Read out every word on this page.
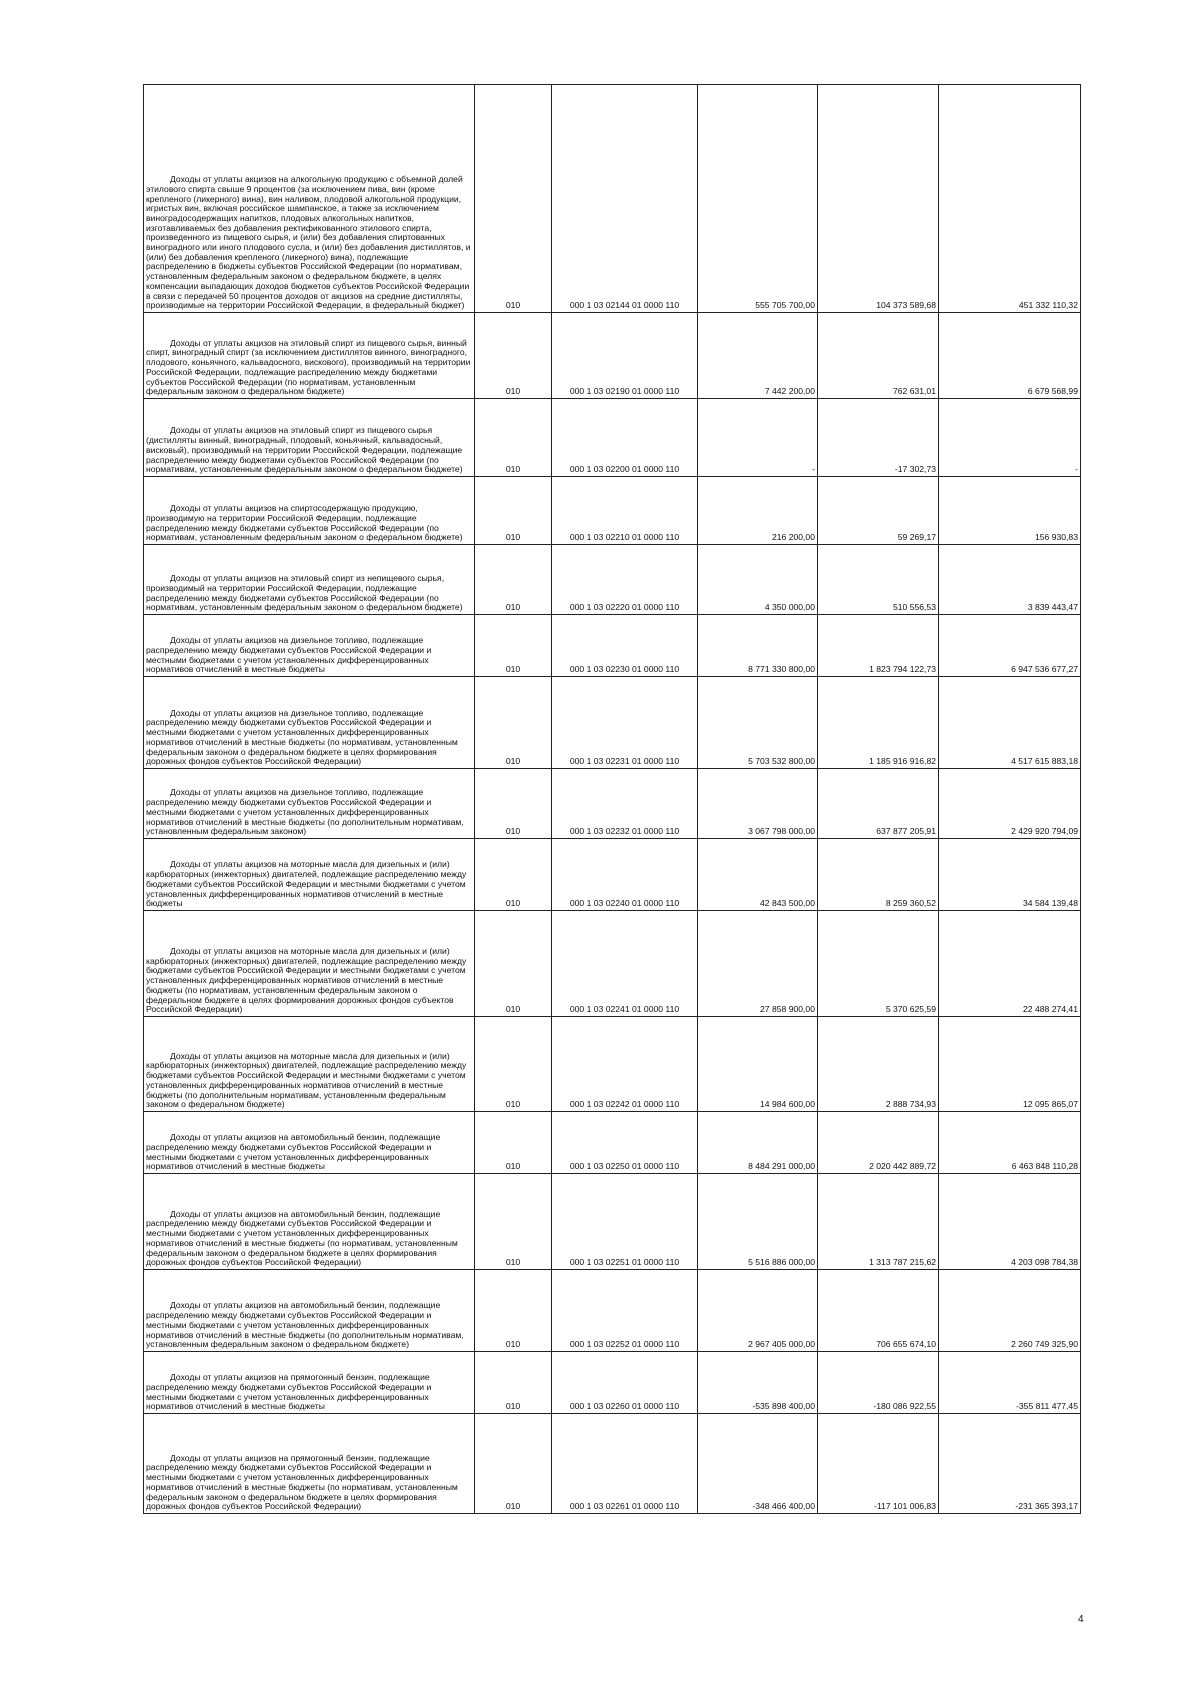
Доходы от уплаты акцизов на алкогольную продукцию с объемной долей этилового спирта свыше 9 процентов (за исключением пива, вин (кроме крепленого (ликерного) вина), вин наливом, плодовой алкогольной продукции, игристых вин, включая российское шампанское, а также за исключением виноградосодержащих напитков, плодовых алкогольных напитков, изготавливаемых без добавления ректификованного этилового спирта, произведенного из пищевого сырья, и (или) без добавления спиртованных виноградного или иного плодового сусла, и (или) без добавления дистиллятов, и (или) без добавления крепленого (ликерного) вина), подлежащие распределению в бюджеты субъектов Российской Федерации (по нормативам, установленным федеральным законом о федеральном бюджете, в целях компенсации выпадающих доходов бюджетов субъектов Российской Федерации в связи с передачей 50 процентов доходов от акцизов на средние дистилляты, производимые на территории Российской Федерации, в федеральный бюджет)	010	000 1 03 02144 01 0000 110	555 705 700,00	104 373 589,68	451 332 110,32

Доходы от уплаты акцизов на этиловый спирт из пищевого сырья, винный спирт, виноградный спирт (за исключением дистиллятов винного, виноградного, плодового, коньячного, кальвадосного, вискового), производимый на территории Российской Федерации, подлежащие распределению между бюджетами субъектов Российской Федерации (по нормативам, установленным федеральным законом о федеральном бюджете)	010	000 1 03 02190 01 0000 110	7 442 200,00	762 631,01	6 679 568,99

Доходы от уплаты акцизов на этиловый спирт из пищевого сырья (дистилляты винный, виноградный, плодовый, коньячный, кальвадосный, висковый), производимый на территории Российской Федерации, подлежащие распределению между бюджетами субъектов Российской Федерации (по нормативам, установленным федеральным законом о федеральном бюджете)	010	000 1 03 02200 01 0000 110	-	-17 302,73	-

Доходы от уплаты акцизов на спиртосодержащую продукцию, производимую на территории Российской Федерации, подлежащие распределению между бюджетами субъектов Российской Федерации (по нормативам, установленным федеральным законом о федеральном бюджете)	010	000 1 03 02210 01 0000 110	216 200,00	59 269,17	156 930,83

Доходы от уплаты акцизов на этиловый спирт из непищевого сырья, производимый на территории Российской Федерации, подлежащие распределению между бюджетами субъектов Российской Федерации (по нормативам, установленным федеральным законом о федеральном бюджете)	010	000 1 03 02220 01 0000 110	4 350 000,00	510 556,53	3 839 443,47

Доходы от уплаты акцизов на дизельное топливо, подлежащие распределению между бюджетами субъектов Российской Федерации и местными бюджетами с учетом установленных дифференцированных нормативов отчислений в местные бюджеты	010	000 1 03 02230 01 0000 110	8 771 330 800,00	1 823 794 122,73	6 947 536 677,27

Доходы от уплаты акцизов на дизельное топливо, подлежащие распределению между бюджетами субъектов Российской Федерации и местными бюджетами с учетом установленных дифференцированных нормативов отчислений в местные бюджеты (по нормативам, установленным федеральным законом о федеральном бюджете в целях формирования дорожных фондов субъектов Российской Федерации)	010	000 1 03 02231 01 0000 110	5 703 532 800,00	1 185 916 916,82	4 517 615 883,18

Доходы от уплаты акцизов на дизельное топливо, подлежащие распределению между бюджетами субъектов Российской Федерации и местными бюджетами с учетом установленных дифференцированных нормативов отчислений в местные бюджеты (по дополнительным нормативам, установленным федеральным законом)	010	000 1 03 02232 01 0000 110	3 067 798 000,00	637 877 205,91	2 429 920 794,09

Доходы от уплаты акцизов на моторные масла для дизельных и (или) карбюраторных (инжекторных) двигателей, подлежащие распределению между бюджетами субъектов Российской Федерации и местными бюджетами с учетом установленных дифференцированных нормативов отчислений в местные бюджеты	010	000 1 03 02240 01 0000 110	42 843 500,00	8 259 360,52	34 584 139,48

Доходы от уплаты акцизов на моторные масла для дизельных и (или) карбюраторных (инжекторных) двигателей, подлежащие распределению между бюджетами субъектов Российской Федерации и местными бюджетами с учетом установленных дифференцированных нормативов отчислений в местные бюджеты (по нормативам, установленным федеральным законом о федеральном бюджете в целях формирования дорожных фондов субъектов Российской Федерации)	010	000 1 03 02241 01 0000 110	27 858 900,00	5 370 625,59	22 488 274,41

Доходы от уплаты акцизов на моторные масла для дизельных и (или) карбюраторных (инжекторных) двигателей, подлежащие распределению между бюджетами субъектов Российской Федерации и местными бюджетами с учетом установленных дифференцированных нормативов отчислений в местные бюджеты (по дополнительным нормативам, установленным федеральным законом о федеральном бюджете)	010	000 1 03 02242 01 0000 110	14 984 600,00	2 888 734,93	12 095 865,07

Доходы от уплаты акцизов на автомобильный бензин, подлежащие распределению между бюджетами субъектов Российской Федерации и местными бюджетами с учетом установленных дифференцированных нормативов отчислений в местные бюджеты	010	000 1 03 02250 01 0000 110	8 484 291 000,00	2 020 442 889,72	6 463 848 110,28

Доходы от уплаты акцизов на автомобильный бензин, подлежащие распределению между бюджетами субъектов Российской Федерации и местными бюджетами с учетом установленных дифференцированных нормативов отчислений в местные бюджеты (по нормативам, установленным федеральным законом о федеральном бюджете в целях формирования дорожных фондов субъектов Российской Федерации)	010	000 1 03 02251 01 0000 110	5 516 886 000,00	1 313 787 215,62	4 203 098 784,38

Доходы от уплаты акцизов на автомобильный бензин, подлежащие распределению между бюджетами субъектов Российской Федерации и местными бюджетами с учетом установленных дифференцированных нормативов отчислений в местные бюджеты (по дополнительным нормативам, установленным федеральным законом о федеральном бюджете)	010	000 1 03 02252 01 0000 110	2 967 405 000,00	706 655 674,10	2 260 749 325,90

Доходы от уплаты акцизов на прямогонный бензин, подлежащие распределению между бюджетами субъектов Российской Федерации и местными бюджетами с учетом установленных дифференцированных нормативов отчислений в местные бюджеты	010	000 1 03 02260 01 0000 110	-535 898 400,00	-180 086 922,55	-355 811 477,45

Доходы от уплаты акцизов на прямогонный бензин, подлежащие распределению между бюджетами субъектов Российской Федерации и местными бюджетами с учетом установленных дифференцированных нормативов отчислений в местные бюджеты (по нормативам, установленным федеральным законом о федеральном бюджете в целях формирования дорожных фондов субъектов Российской Федерации)	010	000 1 03 02261 01 0000 110	-348 466 400,00	-117 101 006,83	-231 365 393,17
4
